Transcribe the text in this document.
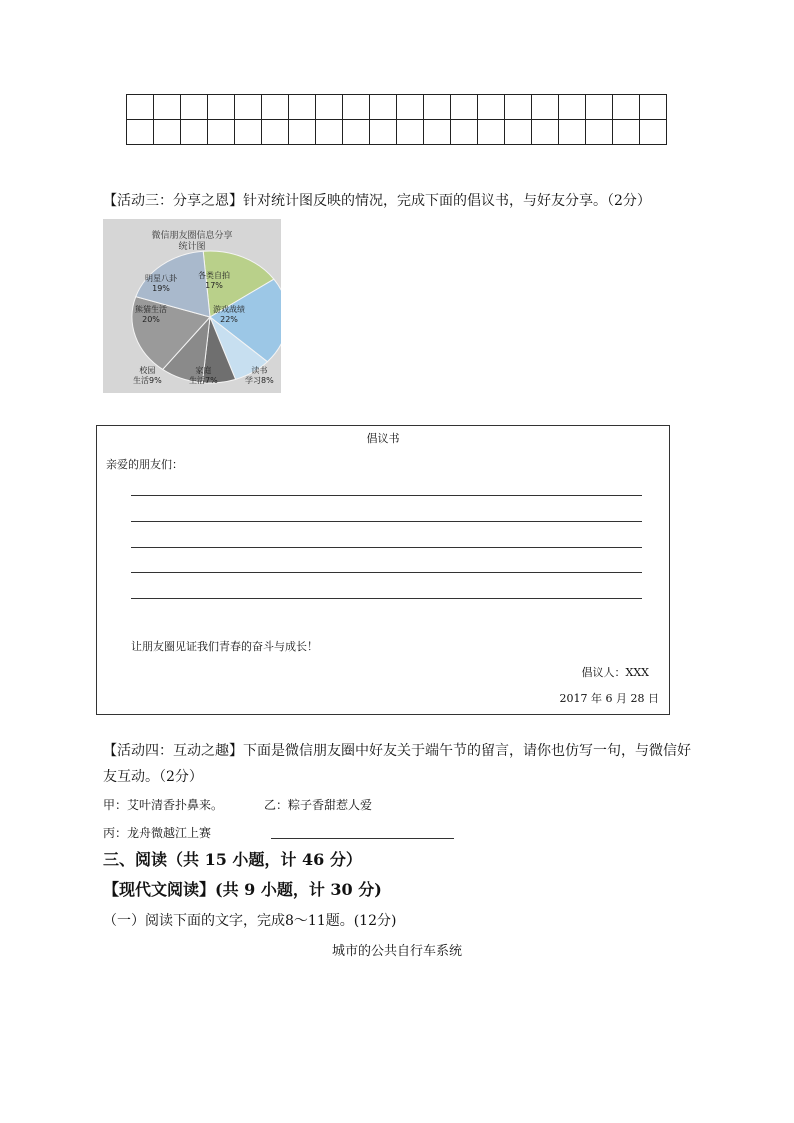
【活动三：分享之恩】针对统计图反映的情况，完成下面的倡议书，与好友分享。（2分）
微信朋友圈信息分享
统计图
各类自拍
17%
游戏战绩
22%
明星八卦
19%
熊猫生活
20%
校园
生活9%
家庭
生活7%
读书
学习8%
倡议书
亲爱的朋友们：
让朋友圈见证我们青春的奋斗与成长！
倡议人：XXX
2017 年 6 月 28 日
【活动四：互动之趣】下面是微信朋友圈中好友关于端午节的留言，请你也仿写一句，与微信好
友互动。（2分）
甲：艾叶清香扑鼻来。	乙：粽子香甜惹人爱
丙：龙舟微越江上赛
三、阅读（共 15 小题，计 46 分）
【现代文阅读】(共 9 小题，计 30 分)
（一）阅读下面的文字，完成8～11题。(12分)
城市的公共自行车系统
